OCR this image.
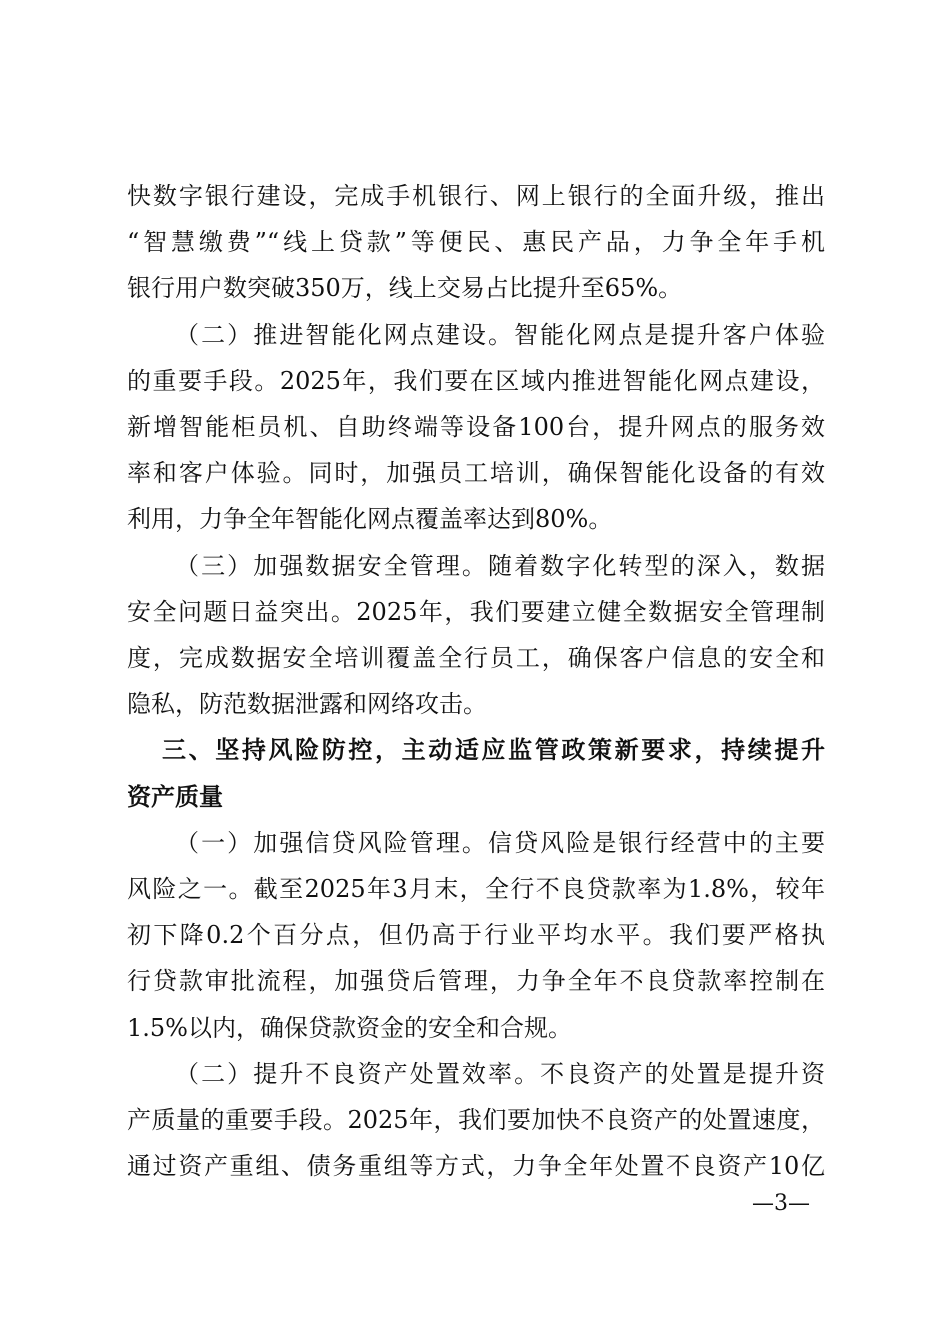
快数字银行建设，完成手机银行、网上银行的全面升级，推出
“智慧缴费”“线上贷款”等便民、惠民产品，力争全年手机
银行用户数突破350万，线上交易占比提升至65%。
（二）推进智能化网点建设。智能化网点是提升客户体验
的重要手段。2025年，我们要在区域内推进智能化网点建设，
新增智能柜员机、自助终端等设备100台，提升网点的服务效
率和客户体验。同时，加强员工培训，确保智能化设备的有效
利用，力争全年智能化网点覆盖率达到80%。
（三）加强数据安全管理。随着数字化转型的深入，数据
安全问题日益突出。2025年，我们要建立健全数据安全管理制
度，完成数据安全培训覆盖全行员工，确保客户信息的安全和
隐私，防范数据泄露和网络攻击。
三、坚持风险防控，主动适应监管政策新要求，持续提升
资产质量
（一）加强信贷风险管理。信贷风险是银行经营中的主要
风险之一。截至2025年3月末，全行不良贷款率为1.8%，较年
初下降0.2个百分点，但仍高于行业平均水平。我们要严格执
行贷款审批流程，加强贷后管理，力争全年不良贷款率控制在
1.5%以内，确保贷款资金的安全和合规。
（二）提升不良资产处置效率。不良资产的处置是提升资
产质量的重要手段。2025年，我们要加快不良资产的处置速度，
通过资产重组、债务重组等方式，力争全年处置不良资产10亿
—3—
